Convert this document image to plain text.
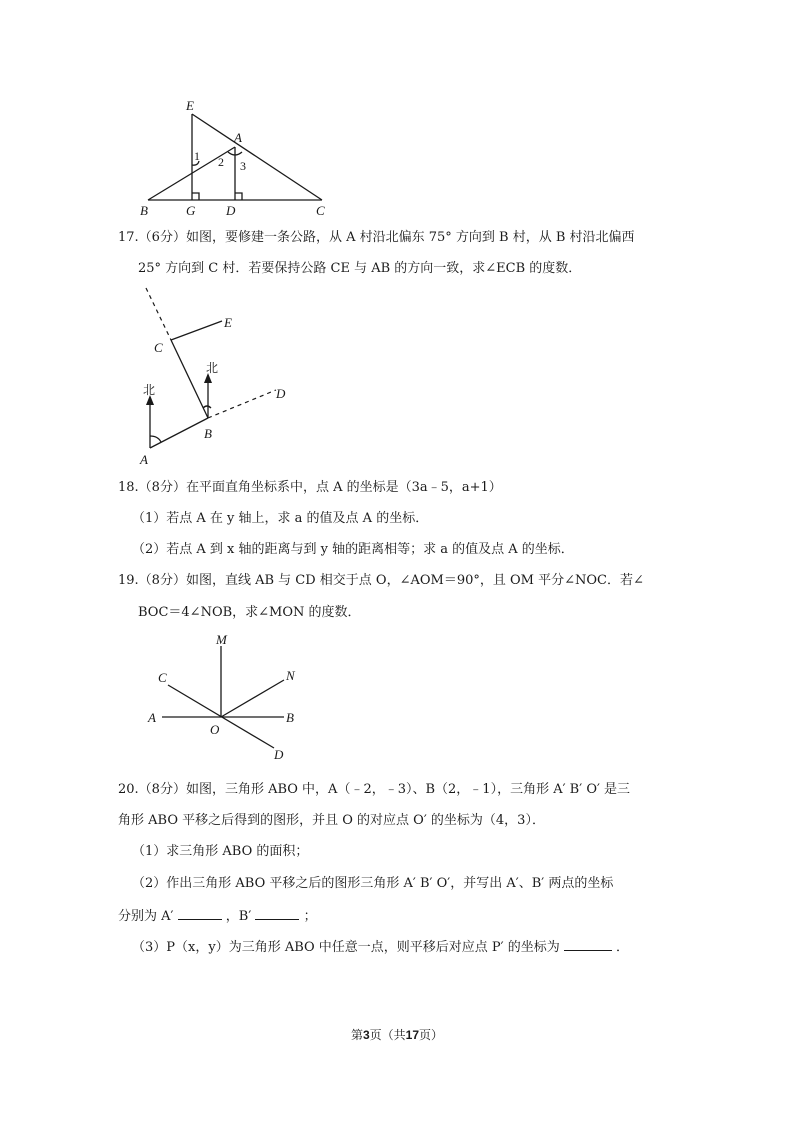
E
A
B	G D	C
1 2 3
17.（6分）如图，要修建一条公路，从 A 村沿北偏东 75° 方向到 B 村，从 B 村沿北偏西
25° 方向到 C 村．若要保持公路 CE 与 AB 的方向一致，求∠ECB 的度数．
北
北
E
C
D
B
A
18.（8分）在平面直角坐标系中，点 A 的坐标是（3a﹣5，a+1）
（1）若点 A 在 y 轴上，求 a 的值及点 A 的坐标．
（2）若点 A 到 x 轴的距离与到 y 轴的距离相等；求 a 的值及点 A 的坐标．
19.（8分）如图，直线 AB 与 CD 相交于点 O，∠AOM＝90°，且 OM 平分∠NOC．若∠
BOC＝4∠NOB，求∠MON 的度数．
M
C	N
A
O
B
D
20.（8分）如图，三角形 ABO 中，A（﹣2，﹣3）、B（2，﹣1），三角形 A′ B′ O′ 是三
角形 ABO 平移之后得到的图形，并且 O 的对应点 O′ 的坐标为（4，3）．
（1）求三角形 ABO 的面积；
（2）作出三角形 ABO 平移之后的图形三角形 A′ B′ O′，并写出 A′、B′ 两点的坐标
分别为 A′	，B′	；
（3）P（x，y）为三角形 ABO 中任意一点，则平移后对应点 P′ 的坐标为	．
第3页（共17页）
